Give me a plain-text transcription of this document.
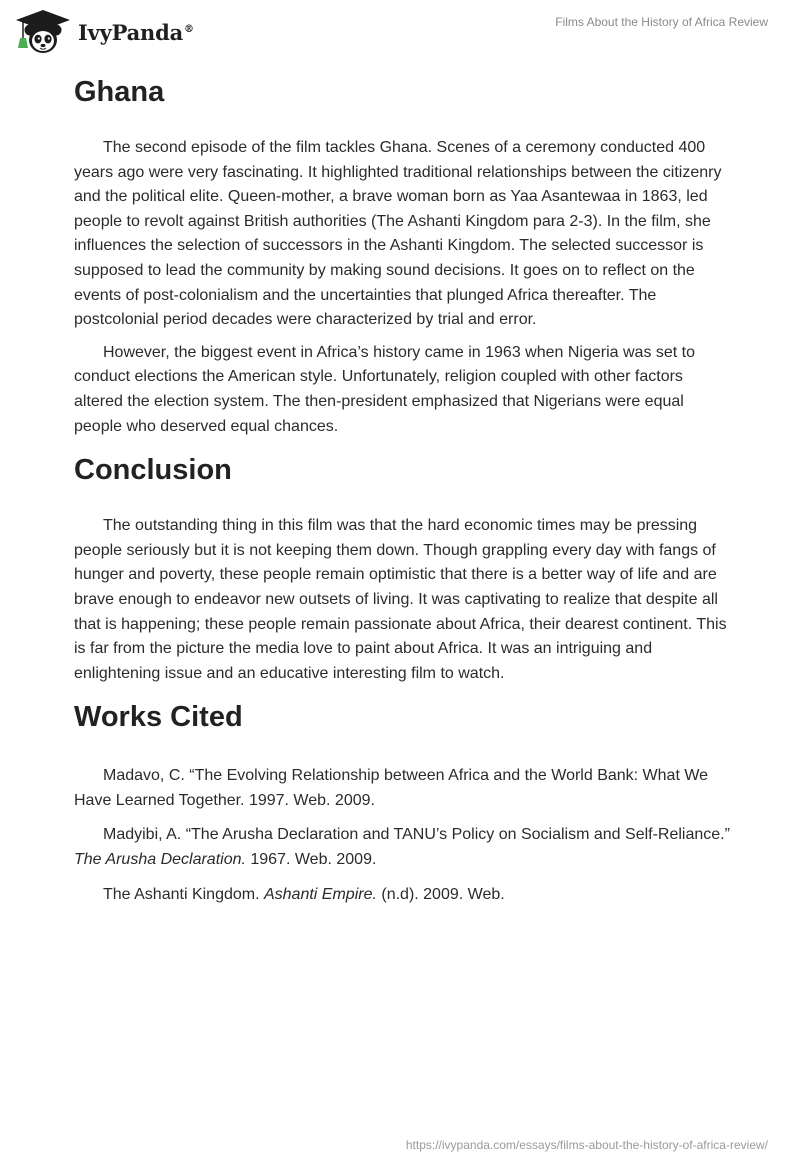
IvyPanda®	Films About the History of Africa Review
Ghana

The second episode of the film tackles Ghana. Scenes of a ceremony conducted 400 years ago were very fascinating. It highlighted traditional relationships between the citizenry and the political elite. Queen-mother, a brave woman born as Yaa Asantewaa in 1863, led people to revolt against British authorities (The Ashanti Kingdom para 2-3). In the film, she influences the selection of successors in the Ashanti Kingdom. The selected successor is supposed to lead the community by making sound decisions. It goes on to reflect on the events of post-colonialism and the uncertainties that plunged Africa thereafter. The postcolonial period decades were characterized by trial and error.

However, the biggest event in Africa’s history came in 1963 when Nigeria was set to conduct elections the American style. Unfortunately, religion coupled with other factors altered the election system. The then-president emphasized that Nigerians were equal people who deserved equal chances.

Conclusion

The outstanding thing in this film was that the hard economic times may be pressing people seriously but it is not keeping them down. Though grappling every day with fangs of hunger and poverty, these people remain optimistic that there is a better way of life and are brave enough to endeavor new outsets of living. It was captivating to realize that despite all that is happening; these people remain passionate about Africa, their dearest continent. This is far from the picture the media love to paint about Africa. It was an intriguing and enlightening issue and an educative interesting film to watch.

Works Cited

Madavo, C. “The Evolving Relationship between Africa and the World Bank: What We Have Learned Together. 1997. Web. 2009.

Madyibi, A. “The Arusha Declaration and TANU’s Policy on Socialism and Self-Reliance.” The Arusha Declaration. 1967. Web. 2009.

The Ashanti Kingdom. Ashanti Empire. (n.d). 2009. Web.

https://ivypanda.com/essays/films-about-the-history-of-africa-review/
